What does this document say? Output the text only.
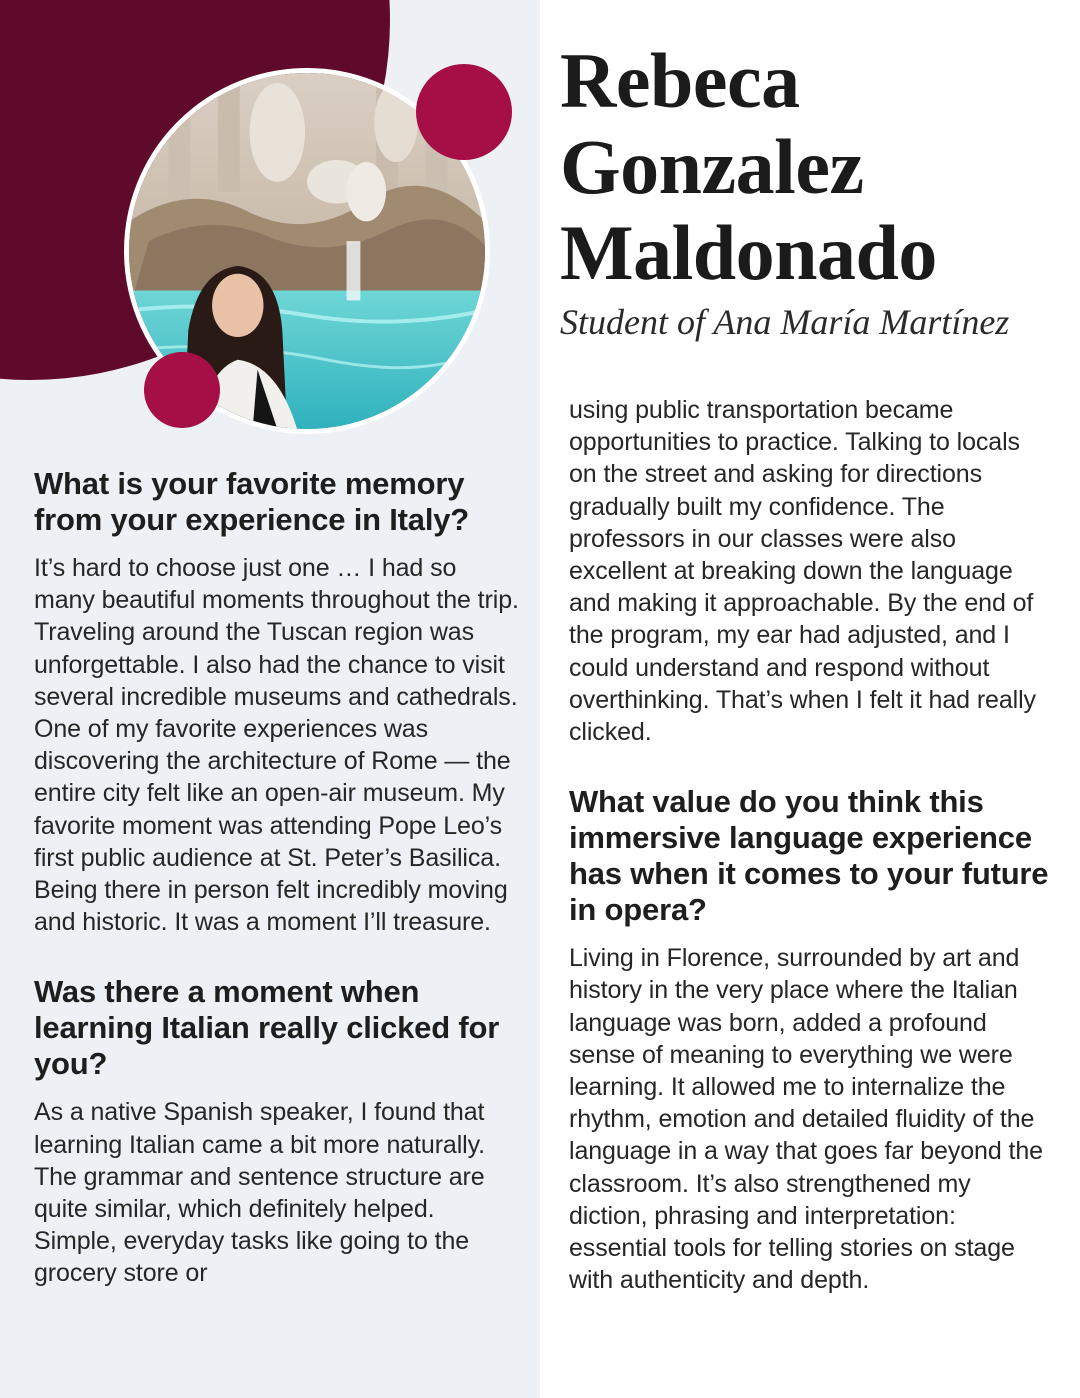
What is your favorite memory from your experience in Italy?

It’s hard to choose just one … I had so many beautiful moments throughout the trip. Traveling around the Tuscan region was unforgettable. I also had the chance to visit several incredible museums and cathedrals. One of my favorite experiences was discovering the architecture of Rome — the entire city felt like an open-air museum. My favorite moment was attending Pope Leo’s first public audience at St. Peter’s Basilica. Being there in person felt incredibly moving and historic. It was a moment I’ll treasure.

Was there a moment when learning Italian really clicked for you?

As a native Spanish speaker, I found that learning Italian came a bit more naturally. The grammar and sentence structure are quite similar, which definitely helped. Simple, everyday tasks like going to the grocery store or

Rebeca
Gonzalez
Maldonado
Student of Ana María Martínez

using public transportation became opportunities to practice. Talking to locals on the street and asking for directions gradually built my confidence. The professors in our classes were also excellent at breaking down the language and making it approachable. By the end of the program, my ear had adjusted, and I could understand and respond without overthinking. That’s when I felt it had really clicked.

What value do you think this immersive language experience has when it comes to your future in opera?

Living in Florence, surrounded by art and history in the very place where the Italian language was born, added a profound sense of meaning to everything we were learning. It allowed me to internalize the rhythm, emotion and detailed fluidity of the language in a way that goes far beyond the classroom. It’s also strengthened my diction, phrasing and interpretation: essential tools for telling stories on stage with authenticity and depth.
